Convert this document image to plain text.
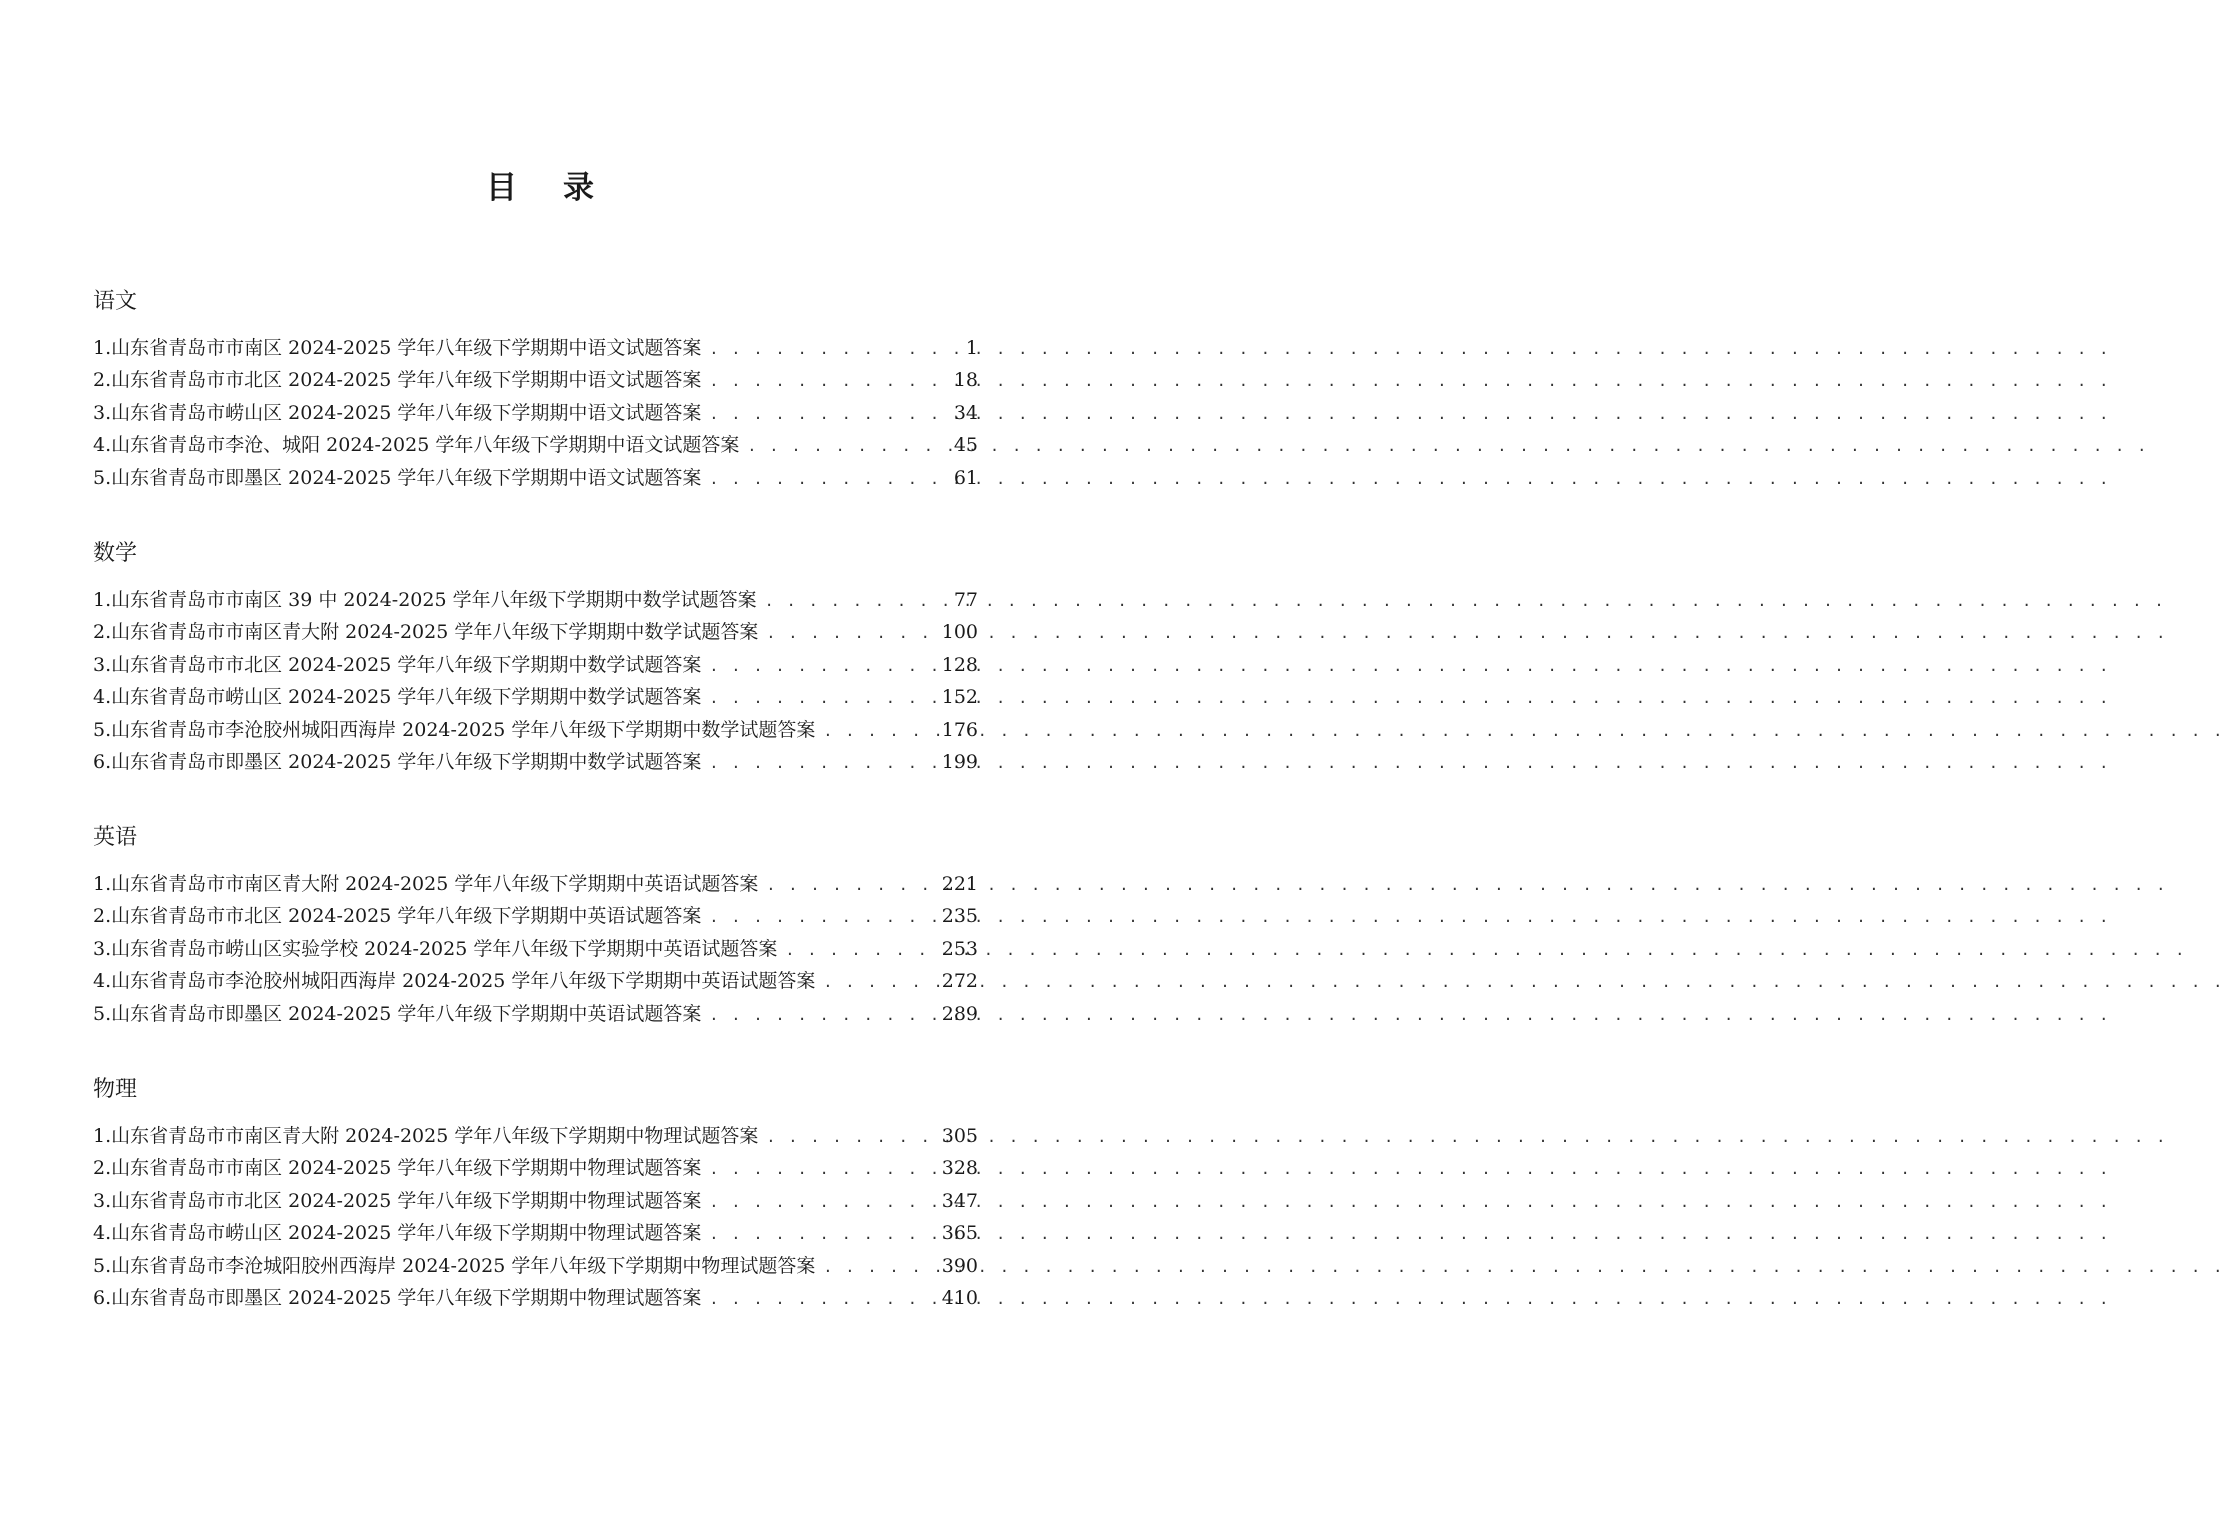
目 录
语文
1.山东省青岛市市南区 2024-2025 学年八年级下学期期中语文试题答案 . . .	1
2.山东省青岛市市北区 2024-2025 学年八年级下学期期中语文试题答案 . . .	18
3.山东省青岛市崂山区 2024-2025 学年八年级下学期期中语文试题答案 . . .	34
4.山东省青岛市李沧、城阳 2024-2025 学年八年级下学期期中语文试题答案 . . .	45
5.山东省青岛市即墨区 2024-2025 学年八年级下学期期中语文试题答案 . . .	61
数学
1.山东省青岛市市南区 39 中 2024-2025 学年八年级下学期期中数学试题答案 . . .	77
2.山东省青岛市市南区青大附 2024-2025 学年八年级下学期期中数学试题答案 . . .	100
3.山东省青岛市市北区 2024-2025 学年八年级下学期期中数学试题答案 . . .	128
4.山东省青岛市崂山区 2024-2025 学年八年级下学期期中数学试题答案 . . .	152
5.山东省青岛市李沧胶州城阳西海岸 2024-2025 学年八年级下学期期中数学试题答案 . . .	176
6.山东省青岛市即墨区 2024-2025 学年八年级下学期期中数学试题答案 . . .	199
英语
1.山东省青岛市市南区青大附 2024-2025 学年八年级下学期期中英语试题答案 . . .	221
2.山东省青岛市市北区 2024-2025 学年八年级下学期期中英语试题答案 . . .	235
3.山东省青岛市崂山区实验学校 2024-2025 学年八年级下学期期中英语试题答案 . . .	253
4.山东省青岛市李沧胶州城阳西海岸 2024-2025 学年八年级下学期期中英语试题答案 . . .	272
5.山东省青岛市即墨区 2024-2025 学年八年级下学期期中英语试题答案 . . .	289
物理
1.山东省青岛市市南区青大附 2024-2025 学年八年级下学期期中物理试题答案 . . .	305
2.山东省青岛市市南区 2024-2025 学年八年级下学期期中物理试题答案 . . .	328
3.山东省青岛市市北区 2024-2025 学年八年级下学期期中物理试题答案 . . .	347
4.山东省青岛市崂山区 2024-2025 学年八年级下学期期中物理试题答案 . . .	365
5.山东省青岛市李沧城阳胶州西海岸 2024-2025 学年八年级下学期期中物理试题答案 . . .	390
6.山东省青岛市即墨区 2024-2025 学年八年级下学期期中物理试题答案 . . .	410
